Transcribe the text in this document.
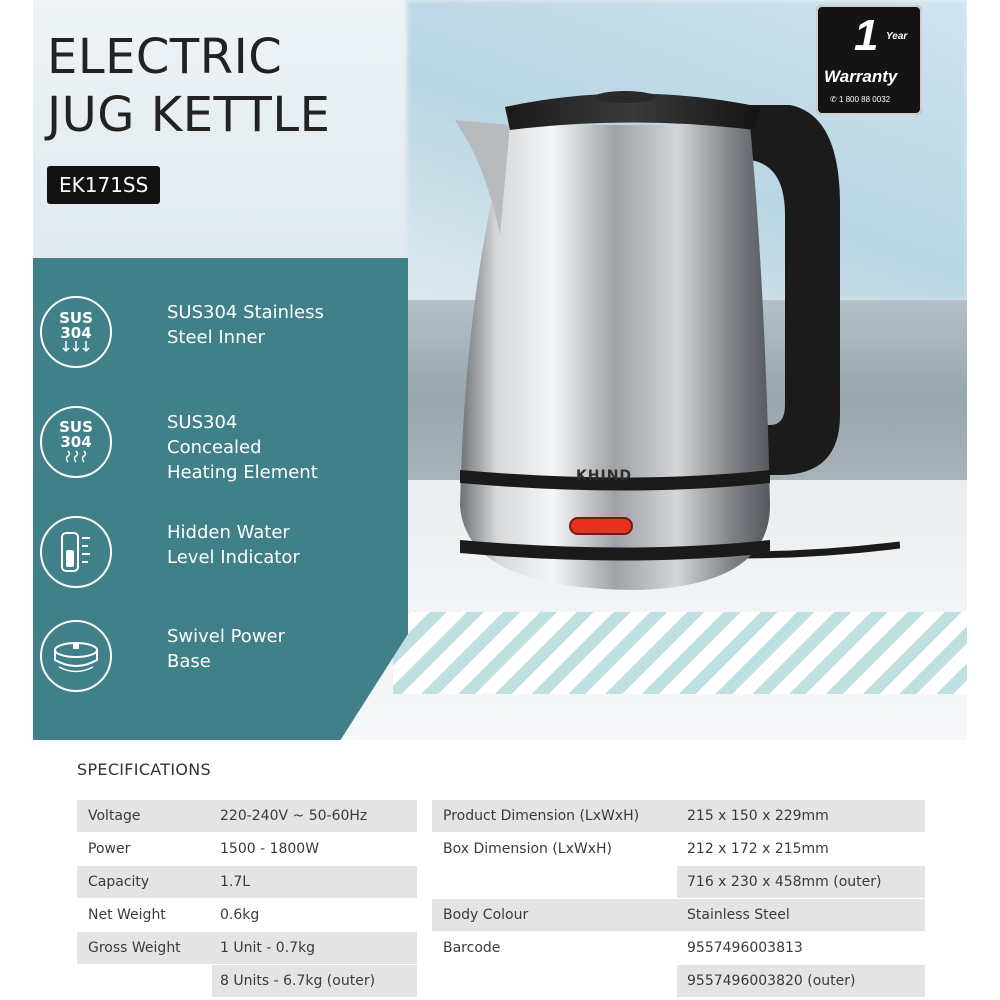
ELECTRIC
JUG KETTLE
EK171SS
1 Year
Warranty
✆ 1 800 88 0032
KHIND
SUS
304
SUS304 Stainless
Steel Inner
SUS
304
SUS304
Concealed
Heating Element
Hidden Water
Level Indicator
Swivel Power
Base
SPECIFICATIONS
Voltage	220-240V ~ 50-60Hz
Power	1500 - 1800W
Capacity	1.7L
Net Weight	0.6kg
Gross Weight	1 Unit - 0.7kg
8 Units - 6.7kg (outer)
Product Dimension (LxWxH)	215 x 150 x 229mm
Box Dimension (LxWxH)	212 x 172 x 215mm
716 x 230 x 458mm (outer)
Body Colour	Stainless Steel
Barcode	9557496003813
9557496003820 (outer)
